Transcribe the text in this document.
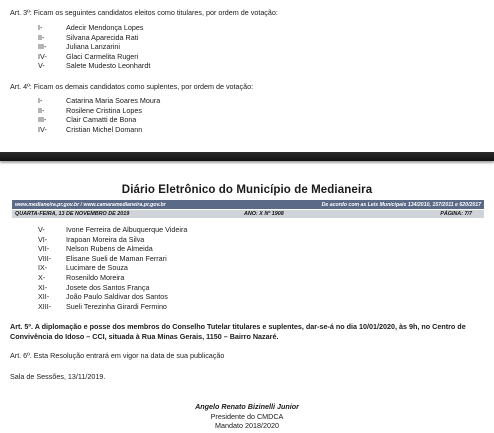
Art. 3º: Ficam os seguintes candidatos eleitos como titulares, por ordem de votação:
I-	Adecir Mendonça Lopes
II-	Silvana Aparecida Rati
III-	Juliana Lanzarini
IV-	Glaci Carmelita Rugeri
V-	Salete Mudesto Leonhardt
Art. 4º: Ficam os demais candidatos como suplentes, por ordem de votação:
I-	Catarina Maria Soares Moura
II-	Rosilene Cristina Lopes
III-	Clair Camatti de Bona
IV-	Cristian Michel Domann
Diário Eletrônico do Município de Medianeira
www.medianeira.pr.gov.br / www.camaramedianeira.pr.gov.br	De acordo com as Leis Municipais 134/2010, 157/2011 e 620/2017
QUARTA-FEIRA, 13 DE NOVEMBRO DE 2019	ANO: X Nº 1908	PÁGINA: 7/7
V-	Ivone Ferreira de Albuquerque Videira
VI-	Irapoan Moreira da Silva
VII-	Nelson Rubens de Almeida
VIII-	Elisane Sueli de Maman Ferrari
IX-	Lucimare de Souza
X-	Rosenildo Moreira
XI-	Josete dos Santos França
XII-	João Paulo Saldivar dos Santos
XIII-	Sueli Terezinha Girardi Fermino
Art. 5º. A diplomação e posse dos membros do Conselho Tutelar titulares e suplentes, dar-se-á no dia 10/01/2020, às 9h, no Centro de Convivência do Idoso – CCI, situada à Rua Minas Gerais, 1150 – Bairro Nazaré.
Art. 6º. Esta Resolução entrará em vigor na data de sua publicação
Sala de Sessões, 13/11/2019.
Angelo Renato Bizinelli Junior
Presidente do CMDCA
Mandato 2018/2020
